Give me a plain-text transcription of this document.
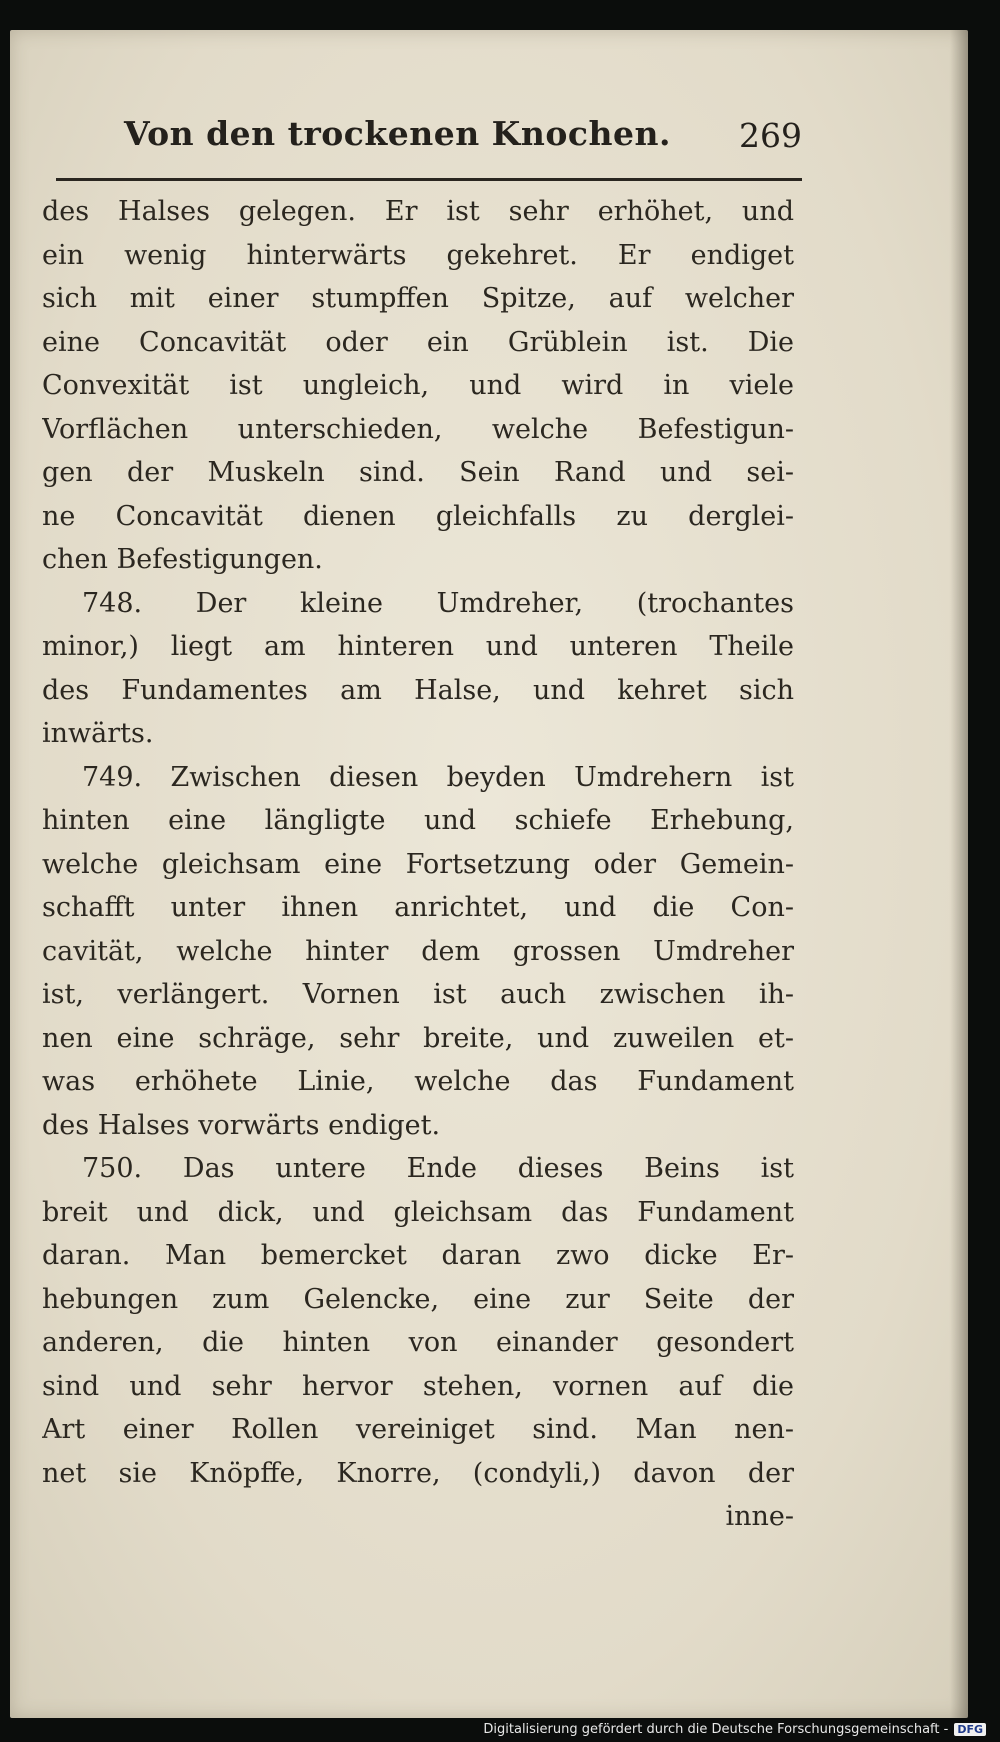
Von den trockenen Knochen. 269
des Halses gelegen. Er ist sehr erhöhet, und
ein wenig hinterwärts gekehret. Er endiget
sich mit einer stumpffen Spitze, auf welcher
eine Concavität oder ein Grüblein ist. Die
Convexität ist ungleich, und wird in viele
Vorflächen unterschieden, welche Befestigun-
gen der Muskeln sind. Sein Rand und sei-
ne Concavität dienen gleichfalls zu derglei-
chen Befestigungen.
748. Der kleine Umdreher, (trochantes
minor,) liegt am hinteren und unteren Theile
des Fundamentes am Halse, und kehret sich
inwärts.
749. Zwischen diesen beyden Umdrehern ist
hinten eine längligte und schiefe Erhebung,
welche gleichsam eine Fortsetzung oder Gemein-
schafft unter ihnen anrichtet, und die Con-
cavität, welche hinter dem grossen Umdreher
ist, verlängert. Vornen ist auch zwischen ih-
nen eine schräge, sehr breite, und zuweilen et-
was erhöhete Linie, welche das Fundament
des Halses vorwärts endiget.
750. Das untere Ende dieses Beins ist
breit und dick, und gleichsam das Fundament
daran. Man bemercket daran zwo dicke Er-
hebungen zum Gelencke, eine zur Seite der
anderen, die hinten von einander gesondert
sind und sehr hervor stehen, vornen auf die
Art einer Rollen vereiniget sind. Man nen-
net sie Knöpffe, Knorre, (condyli,) davon der
inne-
Digitalisierung gefördert durch die Deutsche Forschungsgemeinschaft - DFG
